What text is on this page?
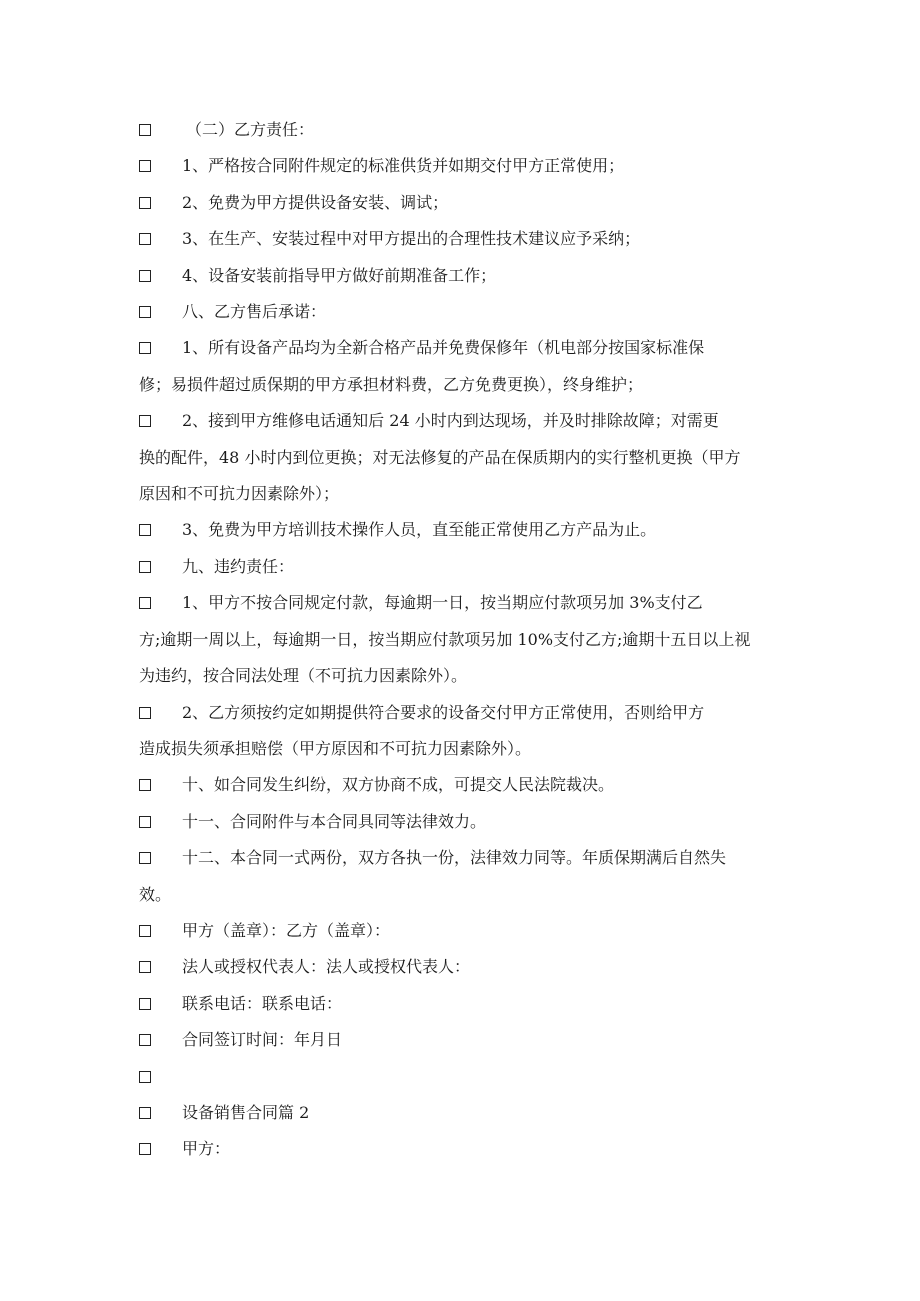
（二）乙方责任：
1、严格按合同附件规定的标准供货并如期交付甲方正常使用；
2、免费为甲方提供设备安装、调试；
3、在生产、安装过程中对甲方提出的合理性技术建议应予采纳；
4、设备安装前指导甲方做好前期准备工作；
八、乙方售后承诺：
1、所有设备产品均为全新合格产品并免费保修年（机电部分按国家标准保
修；易损件超过质保期的甲方承担材料费，乙方免费更换），终身维护；
2、接到甲方维修电话通知后 24 小时内到达现场，并及时排除故障；对需更
换的配件，48 小时内到位更换；对无法修复的产品在保质期内的实行整机更换（甲方
原因和不可抗力因素除外）；
3、免费为甲方培训技术操作人员，直至能正常使用乙方产品为止。
九、违约责任：
1、甲方不按合同规定付款，每逾期一日，按当期应付款项另加 3%支付乙
方;逾期一周以上，每逾期一日，按当期应付款项另加 10%支付乙方;逾期十五日以上视
为违约，按合同法处理（不可抗力因素除外）。
2、乙方须按约定如期提供符合要求的设备交付甲方正常使用，否则给甲方
造成损失须承担赔偿（甲方原因和不可抗力因素除外）。
十、如合同发生纠纷，双方协商不成，可提交人民法院裁决。
十一、合同附件与本合同具同等法律效力。
十二、本合同一式两份，双方各执一份，法律效力同等。年质保期满后自然失
效。
甲方（盖章）：乙方（盖章）：
法人或授权代表人：法人或授权代表人：
联系电话：联系电话：
合同签订时间：年月日
设备销售合同篇 2
甲方：
